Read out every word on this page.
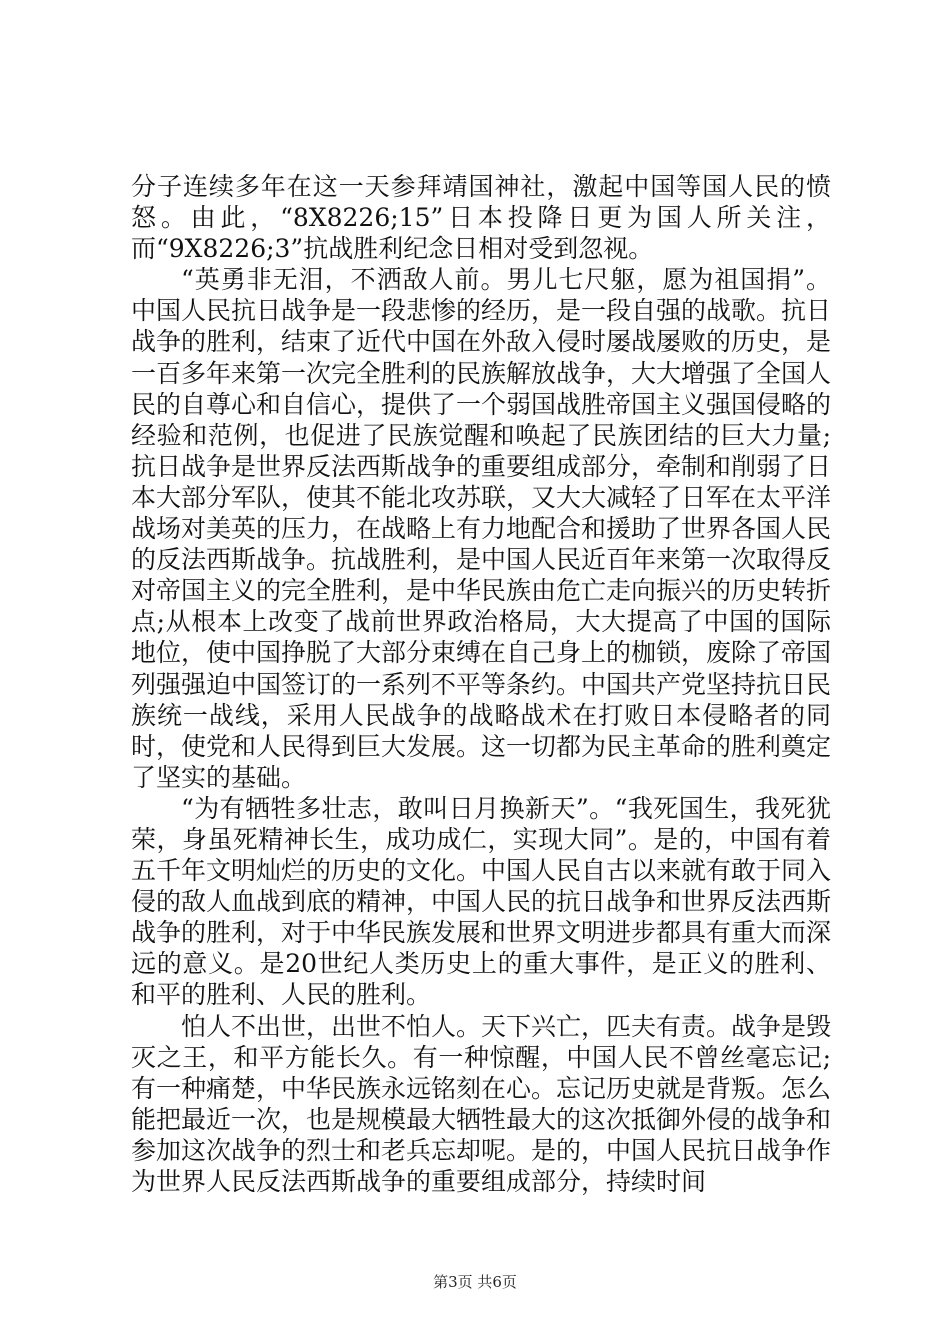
分子连续多年在这一天参拜靖国神社，激起中国等国人民的愤怒。由此，“8X8226;15”日本投降日更为国人所关注，而“9X8226;3”抗战胜利纪念日相对受到忽视。

“英勇非无泪，不洒敌人前。男儿七尺躯，愿为祖国捐”。中国人民抗日战争是一段悲惨的经历，是一段自强的战歌。抗日战争的胜利，结束了近代中国在外敌入侵时屡战屡败的历史，是一百多年来第一次完全胜利的民族解放战争，大大增强了全国人民的自尊心和自信心，提供了一个弱国战胜帝国主义强国侵略的经验和范例，也促进了民族觉醒和唤起了民族团结的巨大力量;抗日战争是世界反法西斯战争的重要组成部分，牵制和削弱了日本大部分军队，使其不能北攻苏联，又大大减轻了日军在太平洋战场对美英的压力，在战略上有力地配合和援助了世界各国人民的反法西斯战争。抗战胜利，是中国人民近百年来第一次取得反对帝国主义的完全胜利，是中华民族由危亡走向振兴的历史转折点;从根本上改变了战前世界政治格局，大大提高了中国的国际地位，使中国挣脱了大部分束缚在自己身上的枷锁，废除了帝国列强强迫中国签订的一系列不平等条约。中国共产党坚持抗日民族统一战线，采用人民战争的战略战术在打败日本侵略者的同时，使党和人民得到巨大发展。这一切都为民主革命的胜利奠定了坚实的基础。

“为有牺牲多壮志，敢叫日月换新天”。“我死国生，我死犹荣，身虽死精神长生，成功成仁，实现大同”。是的，中国有着五千年文明灿烂的历史的文化。中国人民自古以来就有敢于同入侵的敌人血战到底的精神，中国人民的抗日战争和世界反法西斯战争的胜利，对于中华民族发展和世界文明进步都具有重大而深远的意义。是20世纪人类历史上的重大事件，是正义的胜利、和平的胜利、人民的胜利。

怕人不出世，出世不怕人。天下兴亡，匹夫有责。战争是毁灭之王，和平方能长久。有一种惊醒，中国人民不曾丝毫忘记;有一种痛楚，中华民族永远铭刻在心。忘记历史就是背叛。怎么能把最近一次，也是规模最大牺牲最大的这次抵御外侵的战争和参加这次战争的烈士和老兵忘却呢。是的，中国人民抗日战争作为世界人民反法西斯战争的重要组成部分，持续时间

第3页 共6页
